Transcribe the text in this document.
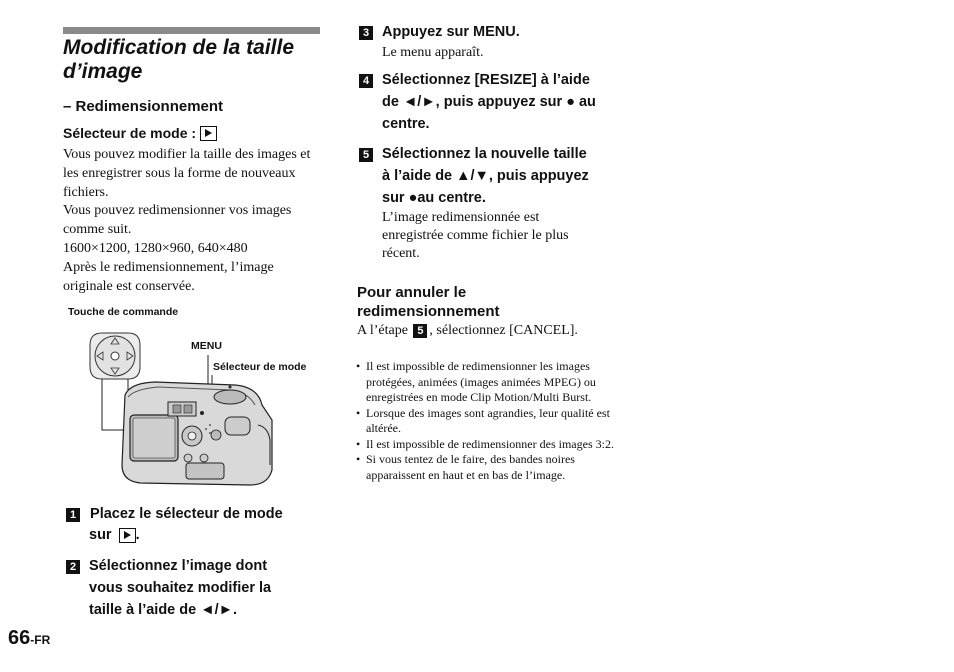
Modification de la taille d’image
– Redimensionnement
Sélecteur de mode :
Vous pouvez modifier la taille des images et
les enregistrer sous la forme de nouveaux
fichiers.
Vous pouvez redimensionner vos images
comme suit.
1600×1200, 1280×960, 640×480
Après le redimensionnement, l’image
originale est conservée.
Touche de commande
MENU
Sélecteur de mode
1 Placez le sélecteur de mode
sur .
2 Sélectionnez l’image dont
vous souhaitez modifier la
taille à l’aide de ◄/►.
66-FR
3 Appuyez sur MENU.
Le menu apparaît.
4 Sélectionnez [RESIZE] à l’aide
de ◄/►, puis appuyez sur ● au
centre.
5 Sélectionnez la nouvelle taille
à l’aide de ▲/▼, puis appuyez
sur ●au centre.
L’image redimensionnée est
enregistrée comme fichier le plus
récent.
Pour annuler le
redimensionnement
A l’étape 5 , sélectionnez [CANCEL].
• Il est impossible de redimensionner les images protégées, animées (images animées MPEG) ou enregistrées en mode Clip Motion/Multi Burst.
• Lorsque des images sont agrandies, leur qualité est altérée.
• Il est impossible de redimensionner des images 3:2.
• Si vous tentez de le faire, des bandes noires apparaissent en haut et en bas de l’image.
